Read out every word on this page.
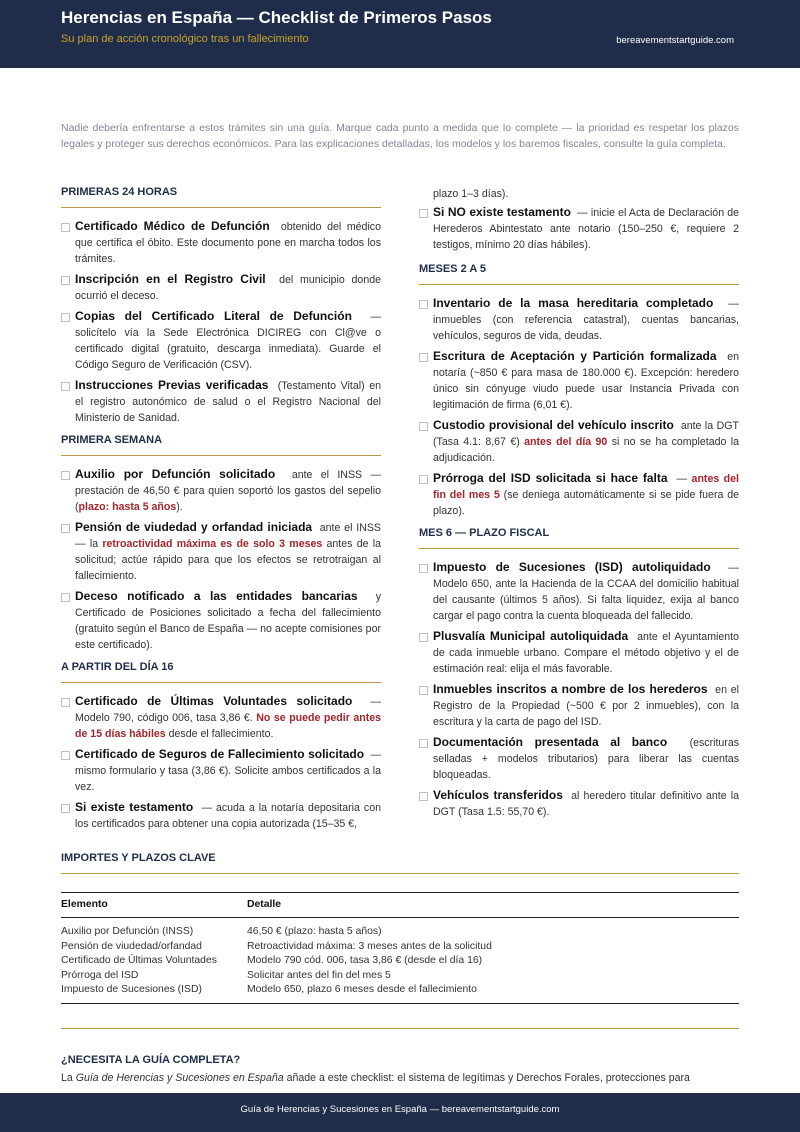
Herencias en España — Checklist de Primeros Pasos
Su plan de acción cronológico tras un fallecimiento	bereavementstartguide.com
Nadie debería enfrentarse a estos trámites sin una guía. Marque cada punto a medida que lo complete — la prioridad es respetar los plazos legales y proteger sus derechos económicos. Para las explicaciones detalladas, los modelos y los baremos fiscales, consulte la guía completa.
PRIMERAS 24 HORAS
Certificado Médico de Defunción obtenido del médico que certifica el óbito. Este documento pone en marcha todos los trámites.
Inscripción en el Registro Civil del municipio donde ocurrió el deceso.
Copias del Certificado Literal de Defunción — solicítelo vía la Sede Electrónica DICIREG con Cl@ve o certificado digital (gratuito, descarga inmediata). Guarde el Código Seguro de Verificación (CSV).
Instrucciones Previas verificadas (Testamento Vital) en el registro autonómico de salud o el Registro Nacional del Ministerio de Sanidad.
PRIMERA SEMANA
Auxilio por Defunción solicitado ante el INSS — prestación de 46,50 € para quien soportó los gastos del sepelio (plazo: hasta 5 años).
Pensión de viudedad y orfandad iniciada ante el INSS — la retroactividad máxima es de solo 3 meses antes de la solicitud; actúe rápido para que los efectos se retrotraigan al fallecimiento.
Deceso notificado a las entidades bancarias y Certificado de Posiciones solicitado a fecha del fallecimiento (gratuito según el Banco de España — no acepte comisiones por este certificado).
A PARTIR DEL DÍA 16
Certificado de Últimas Voluntades solicitado — Modelo 790, código 006, tasa 3,86 €. No se puede pedir antes de 15 días hábiles desde el fallecimiento.
Certificado de Seguros de Fallecimiento solicitado — mismo formulario y tasa (3,86 €). Solicite ambos certificados a la vez.
Si existe testamento — acuda a la notaría depositaria con los certificados para obtener una copia autorizada (15–35 €,
plazo 1–3 días).
Si NO existe testamento — inicie el Acta de Declaración de Herederos Abintestato ante notario (150–250 €, requiere 2 testigos, mínimo 20 días hábiles).
MESES 2 A 5
Inventario de la masa hereditaria completado — inmuebles (con referencia catastral), cuentas bancarias, vehículos, seguros de vida, deudas.
Escritura de Aceptación y Partición formalizada en notaría (~850 € para masa de 180.000 €). Excepción: heredero único sin cónyuge viudo puede usar Instancia Privada con legitimación de firma (6,01 €).
Custodio provisional del vehículo inscrito ante la DGT (Tasa 4.1: 8,67 €) antes del día 90 si no se ha completado la adjudicación.
Prórroga del ISD solicitada si hace falta — antes del fin del mes 5 (se deniega automáticamente si se pide fuera de plazo).
MES 6 — PLAZO FISCAL
Impuesto de Sucesiones (ISD) autoliquidado — Modelo 650, ante la Hacienda de la CCAA del domicilio habitual del causante (últimos 5 años). Si falta liquidez, exija al banco cargar el pago contra la cuenta bloqueada del fallecido.
Plusvalía Municipal autoliquidada ante el Ayuntamiento de cada inmueble urbano. Compare el método objetivo y el de estimación real: elija el más favorable.
Inmuebles inscritos a nombre de los herederos en el Registro de la Propiedad (~500 € por 2 inmuebles), con la escritura y la carta de pago del ISD.
Documentación presentada al banco (escrituras selladas + modelos tributarios) para liberar las cuentas bloqueadas.
Vehículos transferidos al heredero titular definitivo ante la DGT (Tasa 1.5: 55,70 €).
IMPORTES Y PLAZOS CLAVE
Elemento	Detalle
Auxilio por Defunción (INSS)	46,50 € (plazo: hasta 5 años)
Pensión de viudedad/orfandad	Retroactividad máxima: 3 meses antes de la solicitud
Certificado de Últimas Voluntades	Modelo 790 cód. 006, tasa 3,86 € (desde el día 16)
Prórroga del ISD	Solicitar antes del fin del mes 5
Impuesto de Sucesiones (ISD)	Modelo 650, plazo 6 meses desde el fallecimiento
¿NECESITA LA GUÍA COMPLETA?
La Guía de Herencias y Sucesiones en España añade a este checklist: el sistema de legítimas y Derechos Forales, protecciones para
Guía de Herencias y Sucesiones en España — bereavementstartguide.com
